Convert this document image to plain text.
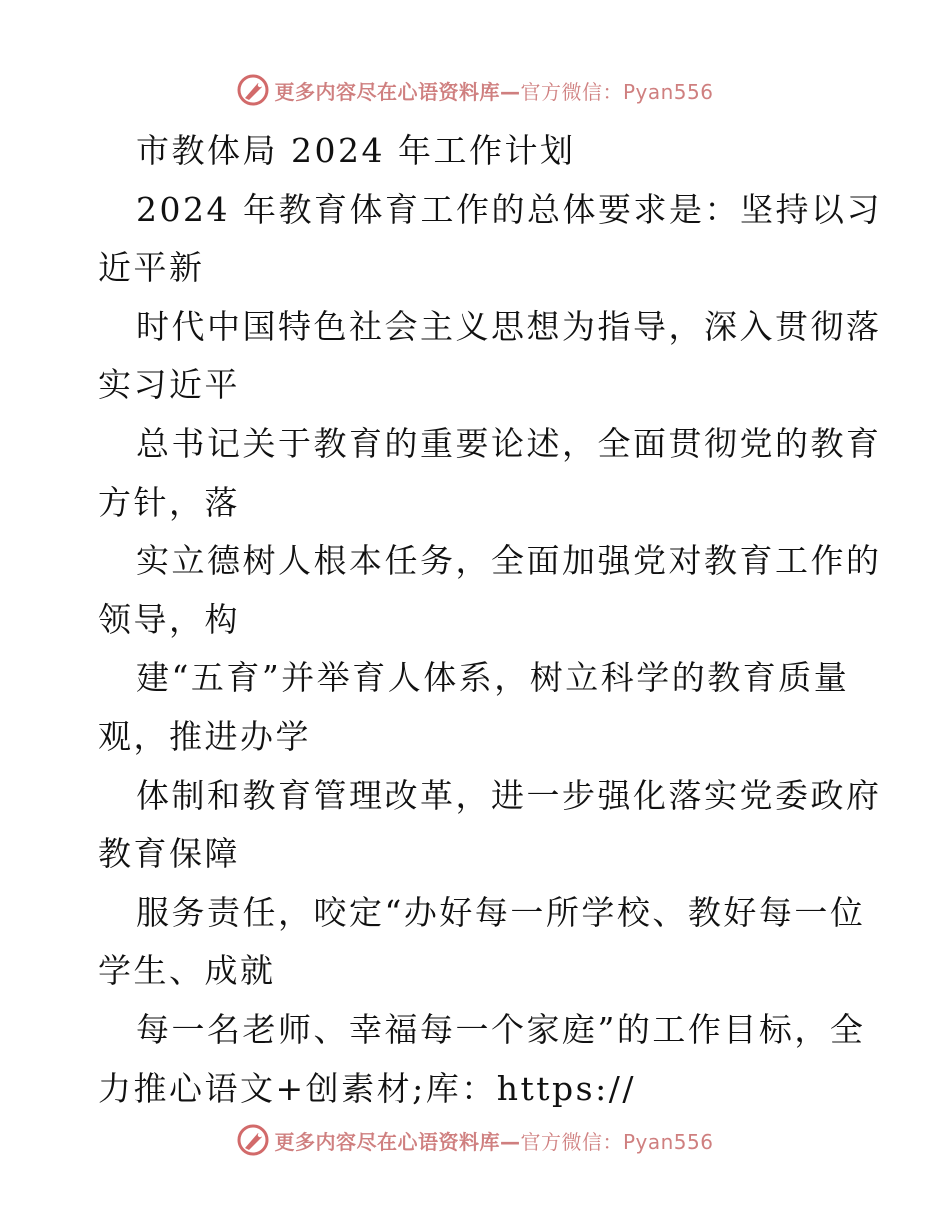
更多内容尽在心语资料库—官方微信：Pyan556
市教体局 2024 年工作计划
2024 年教育体育工作的总体要求是：坚持以习
近平新
时代中国特色社会主义思想为指导，深入贯彻落
实习近平
总书记关于教育的重要论述，全面贯彻党的教育
方针，落
实立德树人根本任务，全面加强党对教育工作的
领导，构
建“五育”并举育人体系，树立科学的教育质量
观，推进办学
体制和教育管理改革，进一步强化落实党委政府
教育保障
服务责任，咬定“办好每一所学校、教好每一位
学生、成就
每一名老师、幸福每一个家庭”的工作目标，全
力推心语文+创素材;库：https://
更多内容尽在心语资料库—官方微信：Pyan556
